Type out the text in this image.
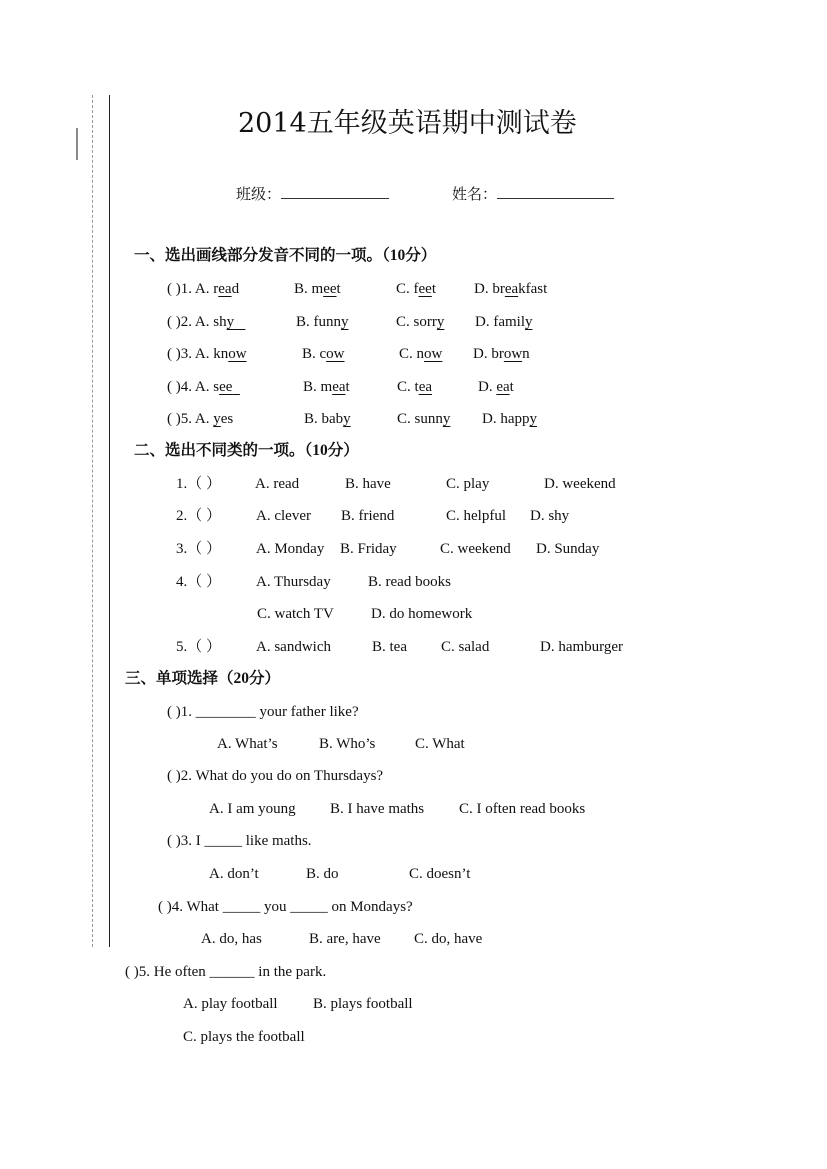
2014五年级英语期中测试卷
班级：	姓名：
一、选出画线部分发音不同的一项。（10分）
( )1. A. read	B. meet	C. feet	D. breakfast
( )2. A. shy	B. funny	C. sorry D. family
( )3. A. know	B. cow	C. now D. brown
( )4. A. see	B. meat	C. tea	D. eat
( )5. A. yes	B. baby	C. sunny D. happy
二、选出不同类的一项。（10分）
1.（ ） A. read	B. have	C. play	D. weekend
2.（ ） A. clever B. friend	C. helpful D. shy
3.（ ） A. Monday B. Friday	C. weekend D. Sunday
4.（ ） A. Thursday B. read books
C. watch TV D. do homework
5.（ ） A. sandwich	B. tea C. salad	D. hamburger
三、单项选择（20分）
( )1. ________ your father like?
A. What’s	B. Who’s	C. What
( )2. What do you do on Thursdays?
A. I am young B. I have maths C. I often read books
( )3. I _____ like maths.
A. don’t	B. do	C. doesn’t
( )4. What _____ you _____ on Mondays?
A. do, has	B. are, have C. do, have
( )5. He often ______ in the park.
A. play football B. plays football
C. plays the football
